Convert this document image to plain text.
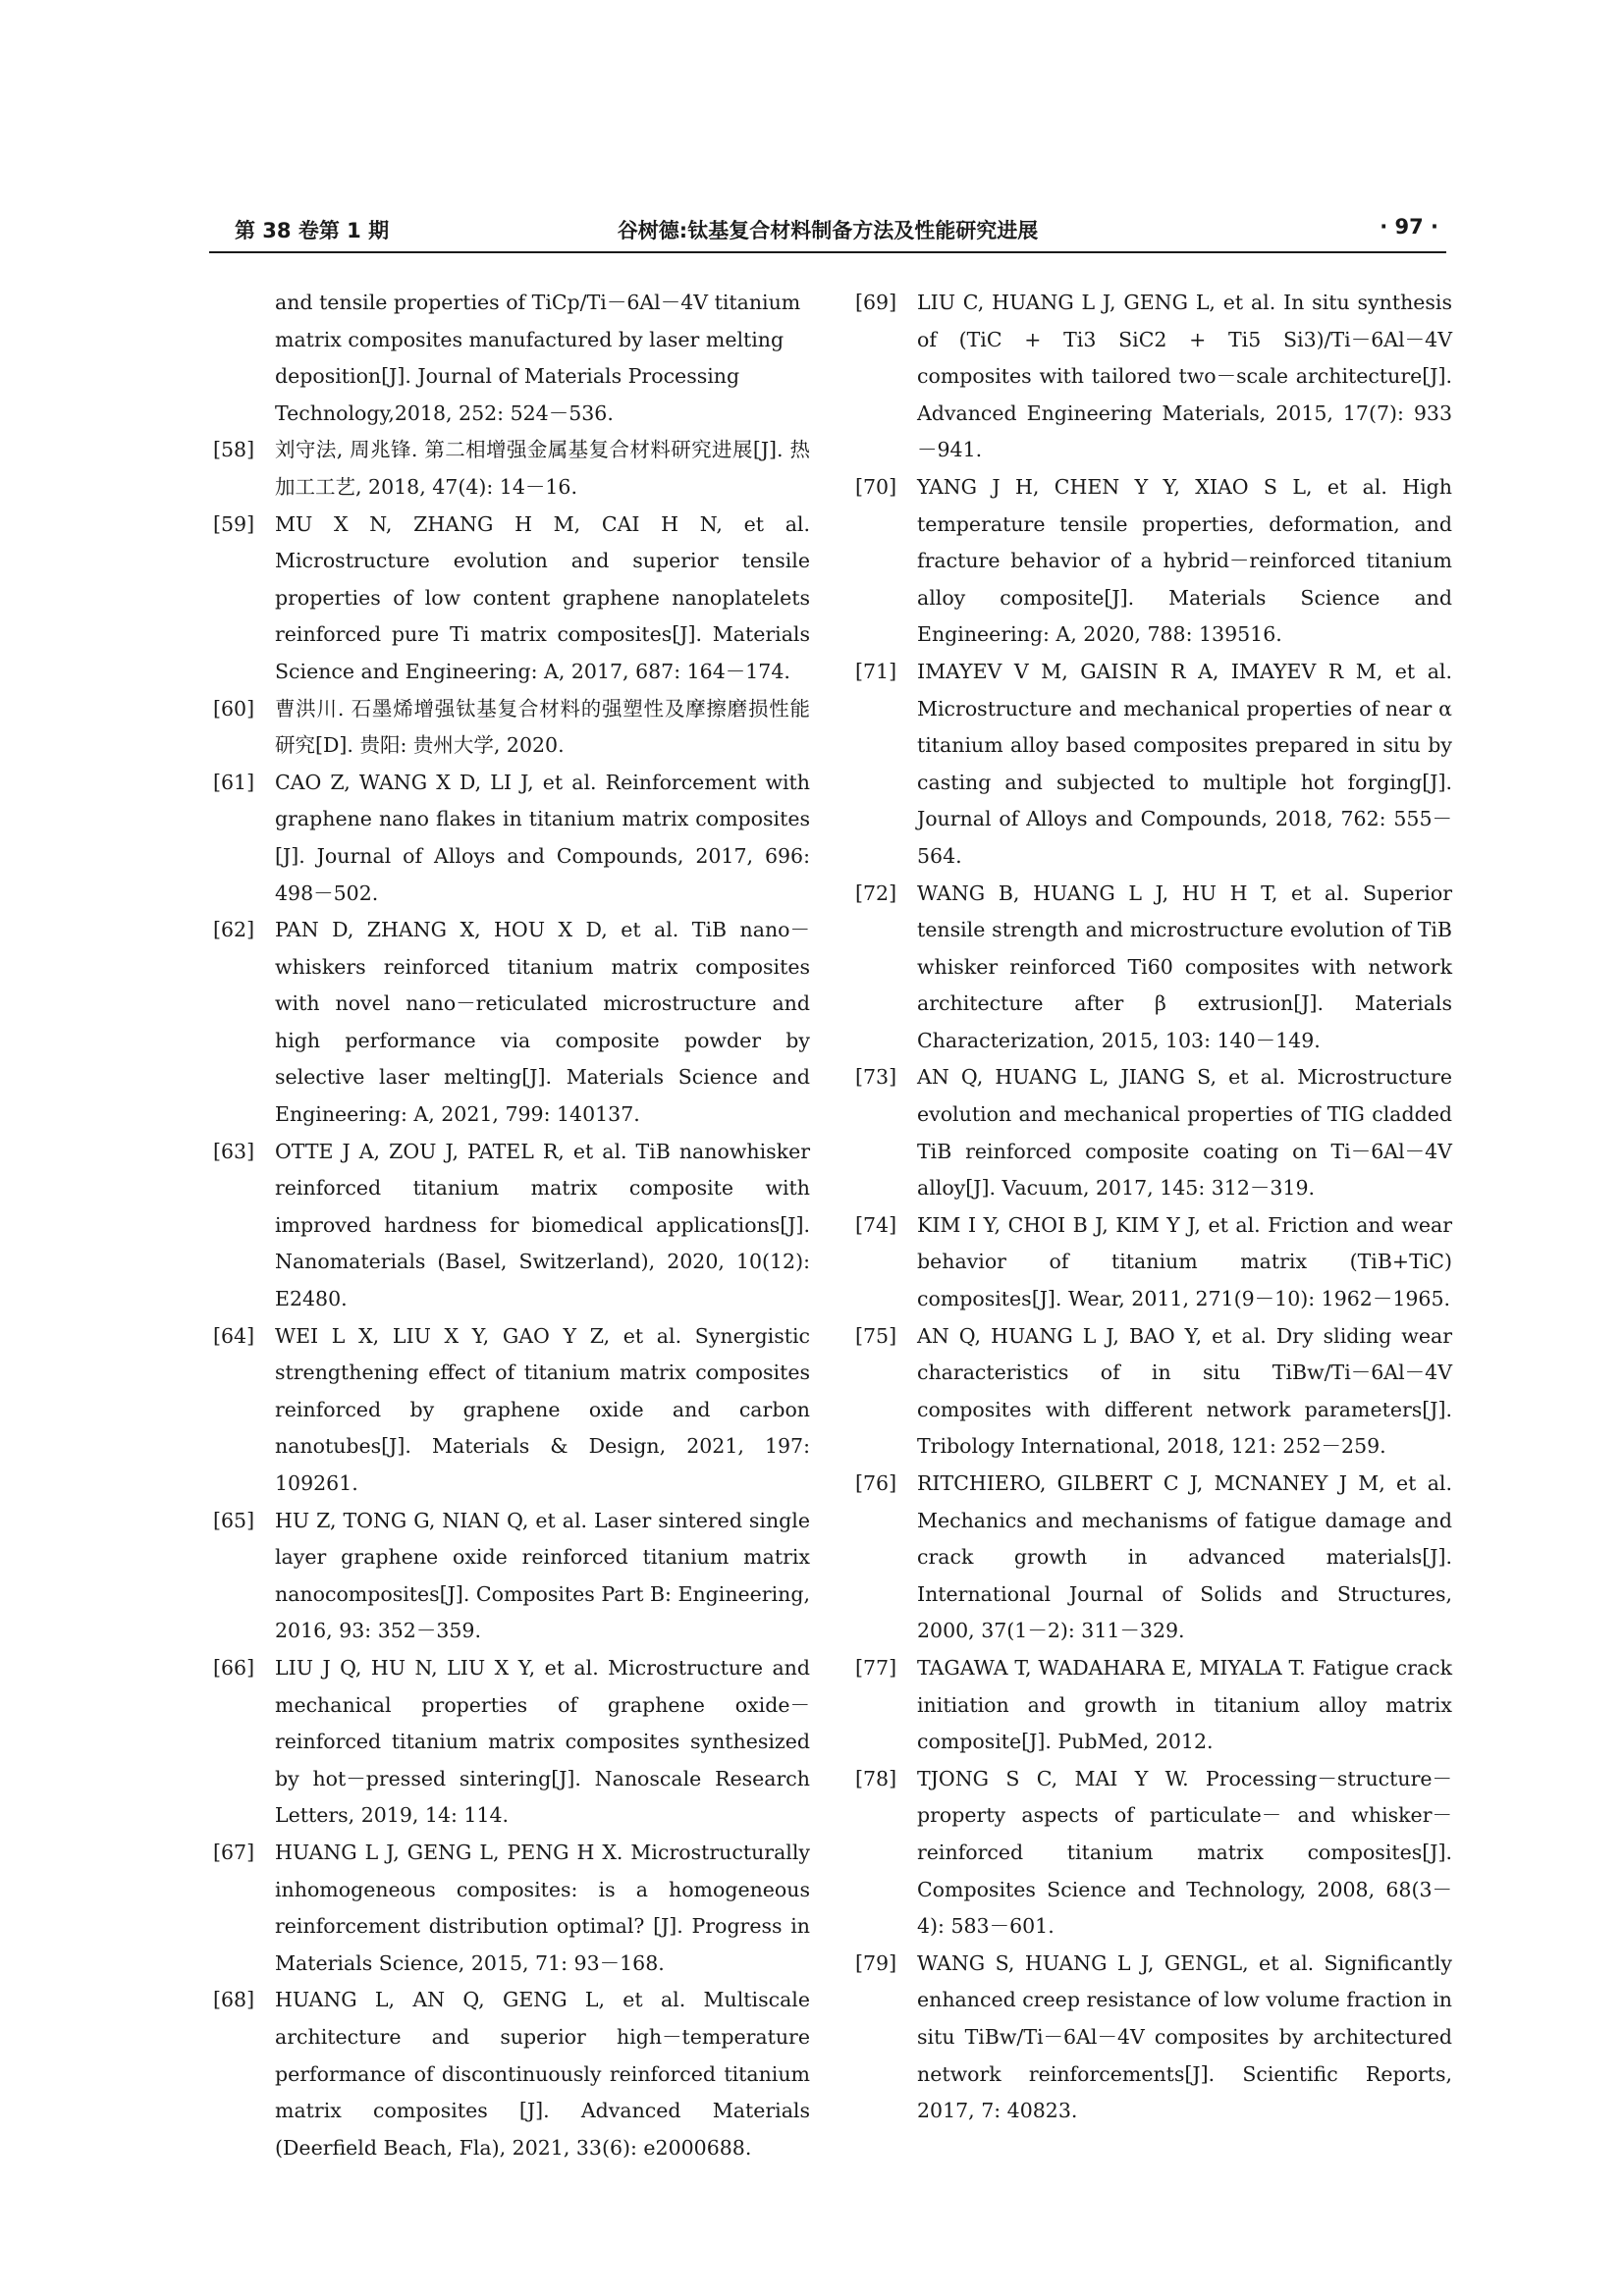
第 38 卷第 1 期	谷树德:钛基复合材料制备方法及性能研究进展	· 97 ·
and tensile properties of TiCp/Ti－6Al－4V titanium matrix composites manufactured by laser melting deposition[J]. Journal of Materials Processing Technology,2018, 252: 524－536.
[58]	刘守法, 周兆锋. 第二相增强金属基复合材料研究进展[J]. 热加工工艺, 2018, 47(4): 14－16.
[59]	MU X N, ZHANG H M, CAI H N, et al. Microstructure evolution and superior tensile properties of low content graphene nanoplatelets reinforced pure Ti matrix composites[J]. Materials Science and Engineering: A, 2017, 687: 164－174.
[60]	曹洪川. 石墨烯增强钛基复合材料的强塑性及摩擦磨损性能研究[D]. 贵阳: 贵州大学, 2020.
[61]	CAO Z, WANG X D, LI J, et al. Reinforcement with graphene nano flakes in titanium matrix composites [J]. Journal of Alloys and Compounds, 2017, 696: 498－502.
[62]	PAN D, ZHANG X, HOU X D, et al. TiB nano－whiskers reinforced titanium matrix composites with novel nano－reticulated microstructure and high performance via composite powder by selective laser melting[J]. Materials Science and Engineering: A, 2021, 799: 140137.
[63]	OTTE J A, ZOU J, PATEL R, et al. TiB nanowhisker reinforced titanium matrix composite with improved hardness for biomedical applications[J]. Nanomaterials (Basel, Switzerland), 2020, 10(12): E2480.
[64]	WEI L X, LIU X Y, GAO Y Z, et al. Synergistic strengthening effect of titanium matrix composites reinforced by graphene oxide and carbon nanotubes[J]. Materials & Design, 2021, 197: 109261.
[65]	HU Z, TONG G, NIAN Q, et al. Laser sintered single layer graphene oxide reinforced titanium matrix nanocomposites[J]. Composites Part B: Engineering, 2016, 93: 352－359.
[66]	LIU J Q, HU N, LIU X Y, et al. Microstructure and mechanical properties of graphene oxide－reinforced titanium matrix composites synthesized by hot－pressed sintering[J]. Nanoscale Research Letters, 2019, 14: 114.
[67]	HUANG L J, GENG L, PENG H X. Microstructurally inhomogeneous composites: is a homogeneous reinforcement distribution optimal? [J]. Progress in Materials Science, 2015, 71: 93－168.
[68]	HUANG L, AN Q, GENG L, et al. Multiscale architecture and superior high－temperature performance of discontinuously reinforced titanium matrix composites [J]. Advanced Materials (Deerfield Beach, Fla), 2021, 33(6): e2000688.
[69]	LIU C, HUANG L J, GENG L, et al. In situ synthesis of (TiC + Ti3 SiC2 + Ti5 Si3)/Ti－6Al－4V composites with tailored two－scale architecture[J]. Advanced Engineering Materials, 2015, 17(7): 933－941.
[70]	YANG J H, CHEN Y Y, XIAO S L, et al. High temperature tensile properties, deformation, and fracture behavior of a hybrid－reinforced titanium alloy composite[J]. Materials Science and Engineering: A, 2020, 788: 139516.
[71]	IMAYEV V M, GAISIN R A, IMAYEV R M, et al. Microstructure and mechanical properties of near α titanium alloy based composites prepared in situ by casting and subjected to multiple hot forging[J]. Journal of Alloys and Compounds, 2018, 762: 555－564.
[72]	WANG B, HUANG L J, HU H T, et al. Superior tensile strength and microstructure evolution of TiB whisker reinforced Ti60 composites with network architecture after β extrusion[J]. Materials Characterization, 2015, 103: 140－149.
[73]	AN Q, HUANG L, JIANG S, et al. Microstructure evolution and mechanical properties of TIG cladded TiB reinforced composite coating on Ti－6Al－4V alloy[J]. Vacuum, 2017, 145: 312－319.
[74]	KIM I Y, CHOI B J, KIM Y J, et al. Friction and wear behavior of titanium matrix (TiB+TiC) composites[J]. Wear, 2011, 271(9－10): 1962－1965.
[75]	AN Q, HUANG L J, BAO Y, et al. Dry sliding wear characteristics of in situ TiBw/Ti－6Al－4V composites with different network parameters[J]. Tribology International, 2018, 121: 252－259.
[76]	RITCHIERO, GILBERT C J, MCNANEY J M, et al. Mechanics and mechanisms of fatigue damage and crack growth in advanced materials[J]. International Journal of Solids and Structures, 2000, 37(1－2): 311－329.
[77]	TAGAWA T, WADAHARA E, MIYALA T. Fatigue crack initiation and growth in titanium alloy matrix composite[J]. PubMed, 2012.
[78]	TJONG S C, MAI Y W. Processing－structure－property aspects of particulate－ and whisker－reinforced titanium matrix composites[J]. Composites Science and Technology, 2008, 68(3－4): 583－601.
[79]	WANG S, HUANG L J, GENGL, et al. Significantly enhanced creep resistance of low volume fraction in situ TiBw/Ti－6Al－4V composites by architectured network reinforcements[J]. Scientific Reports, 2017, 7: 40823.
